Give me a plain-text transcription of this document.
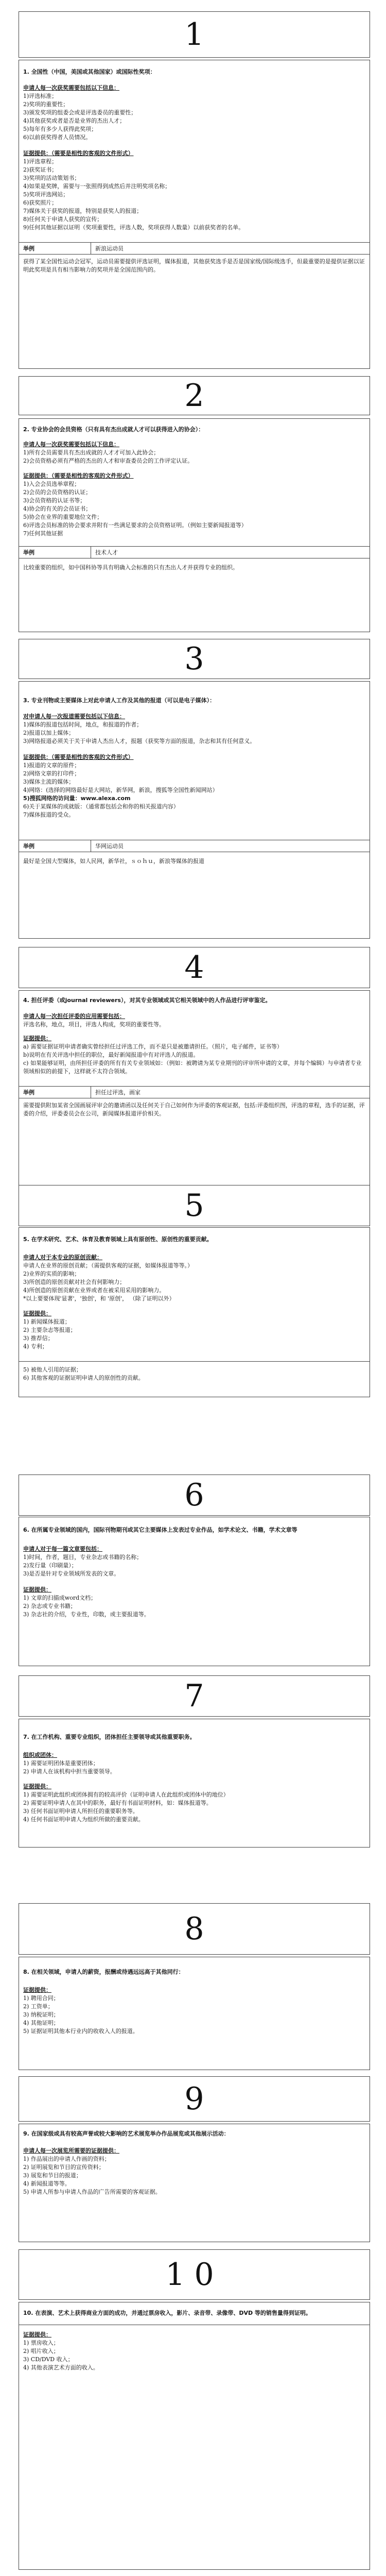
1
1. 全国性（中国，美国或其他国家）或国际性奖项：
申请人每一次获奖需要包括以下信息：
1)评选标准；
2)奖项的重要性；
3)颁发奖项的组委会或是评选委员的重要性；
4)其他获奖或者是否是业界的杰出人才；
5)每年有多少人获得此奖项；
6)以前获奖得者人员情况。
证据提供：（需要是相性的客观的文件形式）
1)评选章程；
2)获奖证书；
3)奖项的活动策划书；
4)如果是奖牌，需要与一张照得到成然后并注明奖项名称；
5)奖项评选网站；
6)获奖照片；
7)媒体关于获奖的报道，特别是获奖人的报道；
8)任何关于申请人获奖的宣传；
9)任何其他证据以证明（奖项重要性，评选人数，奖项获得人数量）以前获奖者的名单。
举例	新浪运动员
获得了某全国性运动会冠军，运动员需要提供评选证明，媒体报道，其他获奖选手是否是国家级/国际级选手，但最重要的是提供证据以证明此奖项是具有相当影响力的奖项并是全国范围内的。
2
2. 专业协会的会员资格（只有具有杰出成就人才可以获得进入的协会）：
申请人每一次获奖需要包括以下信息：
1)所有会员需要具有杰出成就的人才才可加入此协会；
2)会员资格必须有严格的杰出的人才和审查委员会的工作评定认证。
证据提供：（需要是相性的客观的文件形式）
1)入会会员选举章程；
2)会员的会员资格的认证；
3)会员资格的认证书等；
4)协会的有关的会员证书；
5)协会在业界的重要地位文件；
6)评选会员标准的协会要求并附有一些满足要求的会员资格证明。（例如主要新闻报道等）
7)任何其他证据
举例	技术人才
比较重要的组织，如中国科协等具有明确入会标准的只有杰出人才并获得专业的组织。
3
3. 专业刊物或主要媒体上对此申请人工作及其他的报道（可以是电子媒体）：
对申请人每一次报道需要包括以下信息：
1)媒体的报道包括时间，地点，和报道的作者；
2)报道以加上媒体；
3)网络报道必须关于关于申请人杰出人才，报题（获奖等方面的报道，杂志和其有任何意义。
证据提供：（需要是相性的客观的文件形式）
1)报道的文章的原件；
2)网络文章的打印件；
3)媒体主流的媒体；
4)网络：(选择的网络最好是大网站，新华网，新浪，搜狐等全国性新闻网站）
5)搜狐网络的访问量：www.alexa.com
6)关于某媒体的成就版：（通常都包括会和你的相关报道内容）
7)媒体报道的受众。
举例	华网运动员
最好是全国大型媒体，如人民网，新华社，ｓｏｈｕ，新浪等媒体的报道
4
4. 担任评委（或journal reviewers），对其专业领域或其它相关领域中的人作品进行评审鉴定。
申请人每一次担任评委的应用需要包括：
评选名称，地点，项目，评选人构成，奖项的重要性等。
证据提供：
a) 需要证据证明申请者确实曾经担任过评选工作，而不是只是被邀请担任。（照片，电子邮件，证书等）
b)说明在有关评选中担任的职位，最好新闻报道中有对评选人的报道。
c) 如果能够证明，由所担任评委的所有有关专业领域如：（例如：被聘请为某专业期刊的评审所申请的文章，并每个编辑）与申请者专业领域相似的前提下，这样就不太符合领域。
举例	担任过评选，画家
需要提供附加某省全国画展评审会的邀请函以及任何关于自己如何作为评委的客观证据，包括:评委组织图，评选的章程，选手的证据，评委的介绍，评委委员会在公司，新闻媒体报道评价相关。
5
5. 在学术研究、艺术、体育及教育领域上具有原创性、原创性的重要贡献。
申请人对于本专业的原创贡献：
申请人在业界的原创贡献；（需提供客观的证据，如媒体报道等等。）
2)业界的实质的影响；
3)所创造的原创贡献对社会有何影响力；
4)所创造的原创贡献在业界或者在被采用采用的影响力。
*以上要要体现'显著'，'独创'，和 '原创'， （除了证明以外）
证据提供：
1) 新闻媒体报道；
2) 主要杂志等报道；
3) 推荐信；
4) 专利；
5) 被他人引用的证据；
6) 其他客观的证据证明申请人的原创性的贡献。
6
6. 在所属专业领域的国内，国际刊物期刊或其它主要媒体上发表过专业作品，如学术论文、书籍，学术文章等
申请人对于每一篇文章要包括：
1)时间，作者，题目，专业杂志或书籍的名称；
2)发行量（印刷量）；
3)是否是针对专业领域所发表的文章。
证据提供：
1) 文章的扫描成word文档；
2) 杂志或专业书籍；
3) 杂志社的介绍，专业性，印数，或主要报道等。
7
7. 在工作机构、重要专业组织，团体担任主要领导或其他重要职务。
组织或团体：
1) 需要证明团体是重要团体；
2) 申请人在该机构中担当重要领导。
证据提供：
1) 需要证明此组织或团体拥有的较高评价（证明申请人在此组织或团体中的地位）
2) 需要证明申请人在其中的职务，最好有书面证明材料，如：媒体报道等。
3) 任何书面证明申请人所担任的重要职务等。
4) 任何书面证明申请人为组织所做的重要贡献。
8
8. 在相关领域，申请人的薪资，报酬或待遇远远高于其他同行：
证据提供：
1) 聘用合同；
2) 工资单；
3) 纳税证明；
4) 其他证明；
5) 证据证明其他本行业内的收收入人的报道。
9
9. 在国家级或具有较高声誉或较大影响的艺术展览举办作品展览或其他展示活动：
申请人每一次展览所需要的证据提供：
1) 作品展出的申请人作画的资料；
2) 证明展览和节目的宣传资料；
3) 展览和节目的报道；
4) 新闻报道等等。
5) 申请人所参与申请人作品的广告所需要的客观证据。
10
10. 在表演、艺术上获得商业方面的成功，并通过票房收入，影片、录音带、录像带、DVD 等的销售量得到证明。
证据提供：
1) 票房收入；
2) 唱片收入；
3) CD/DVD 收入；
4) 其他表演艺术方面的收入。
